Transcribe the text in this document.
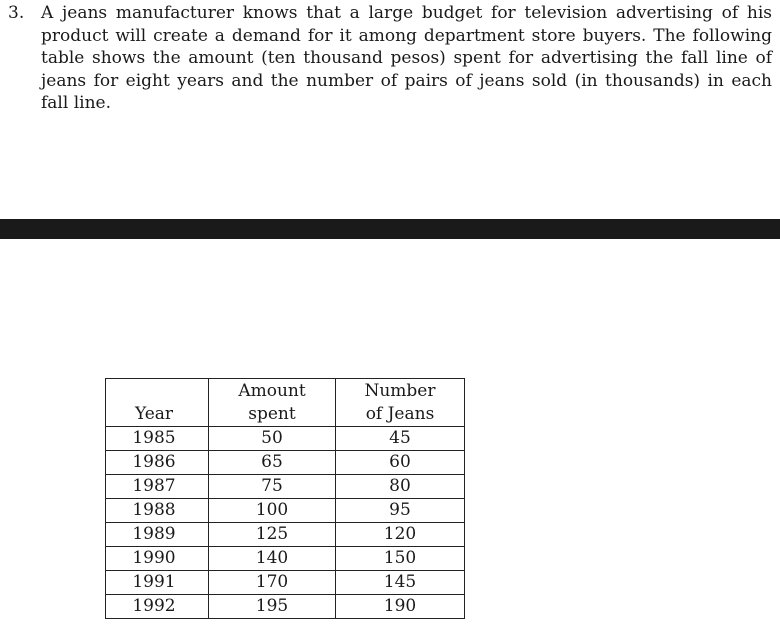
3. A jeans manufacturer knows that a large budget for television advertising of his product will create a demand for it among department store buyers. The following table shows the amount (ten thousand pesos) spent for advertising the fall line of jeans for eight years and the number of pairs of jeans sold (in thousands) in each fall line.
Year	Amount spent	Number of Jeans

1985	50	45
1986	65	60
1987	75	80
1988	100	95
1989	125	120
1990	140	150
1991	170	145
1992	195	190
